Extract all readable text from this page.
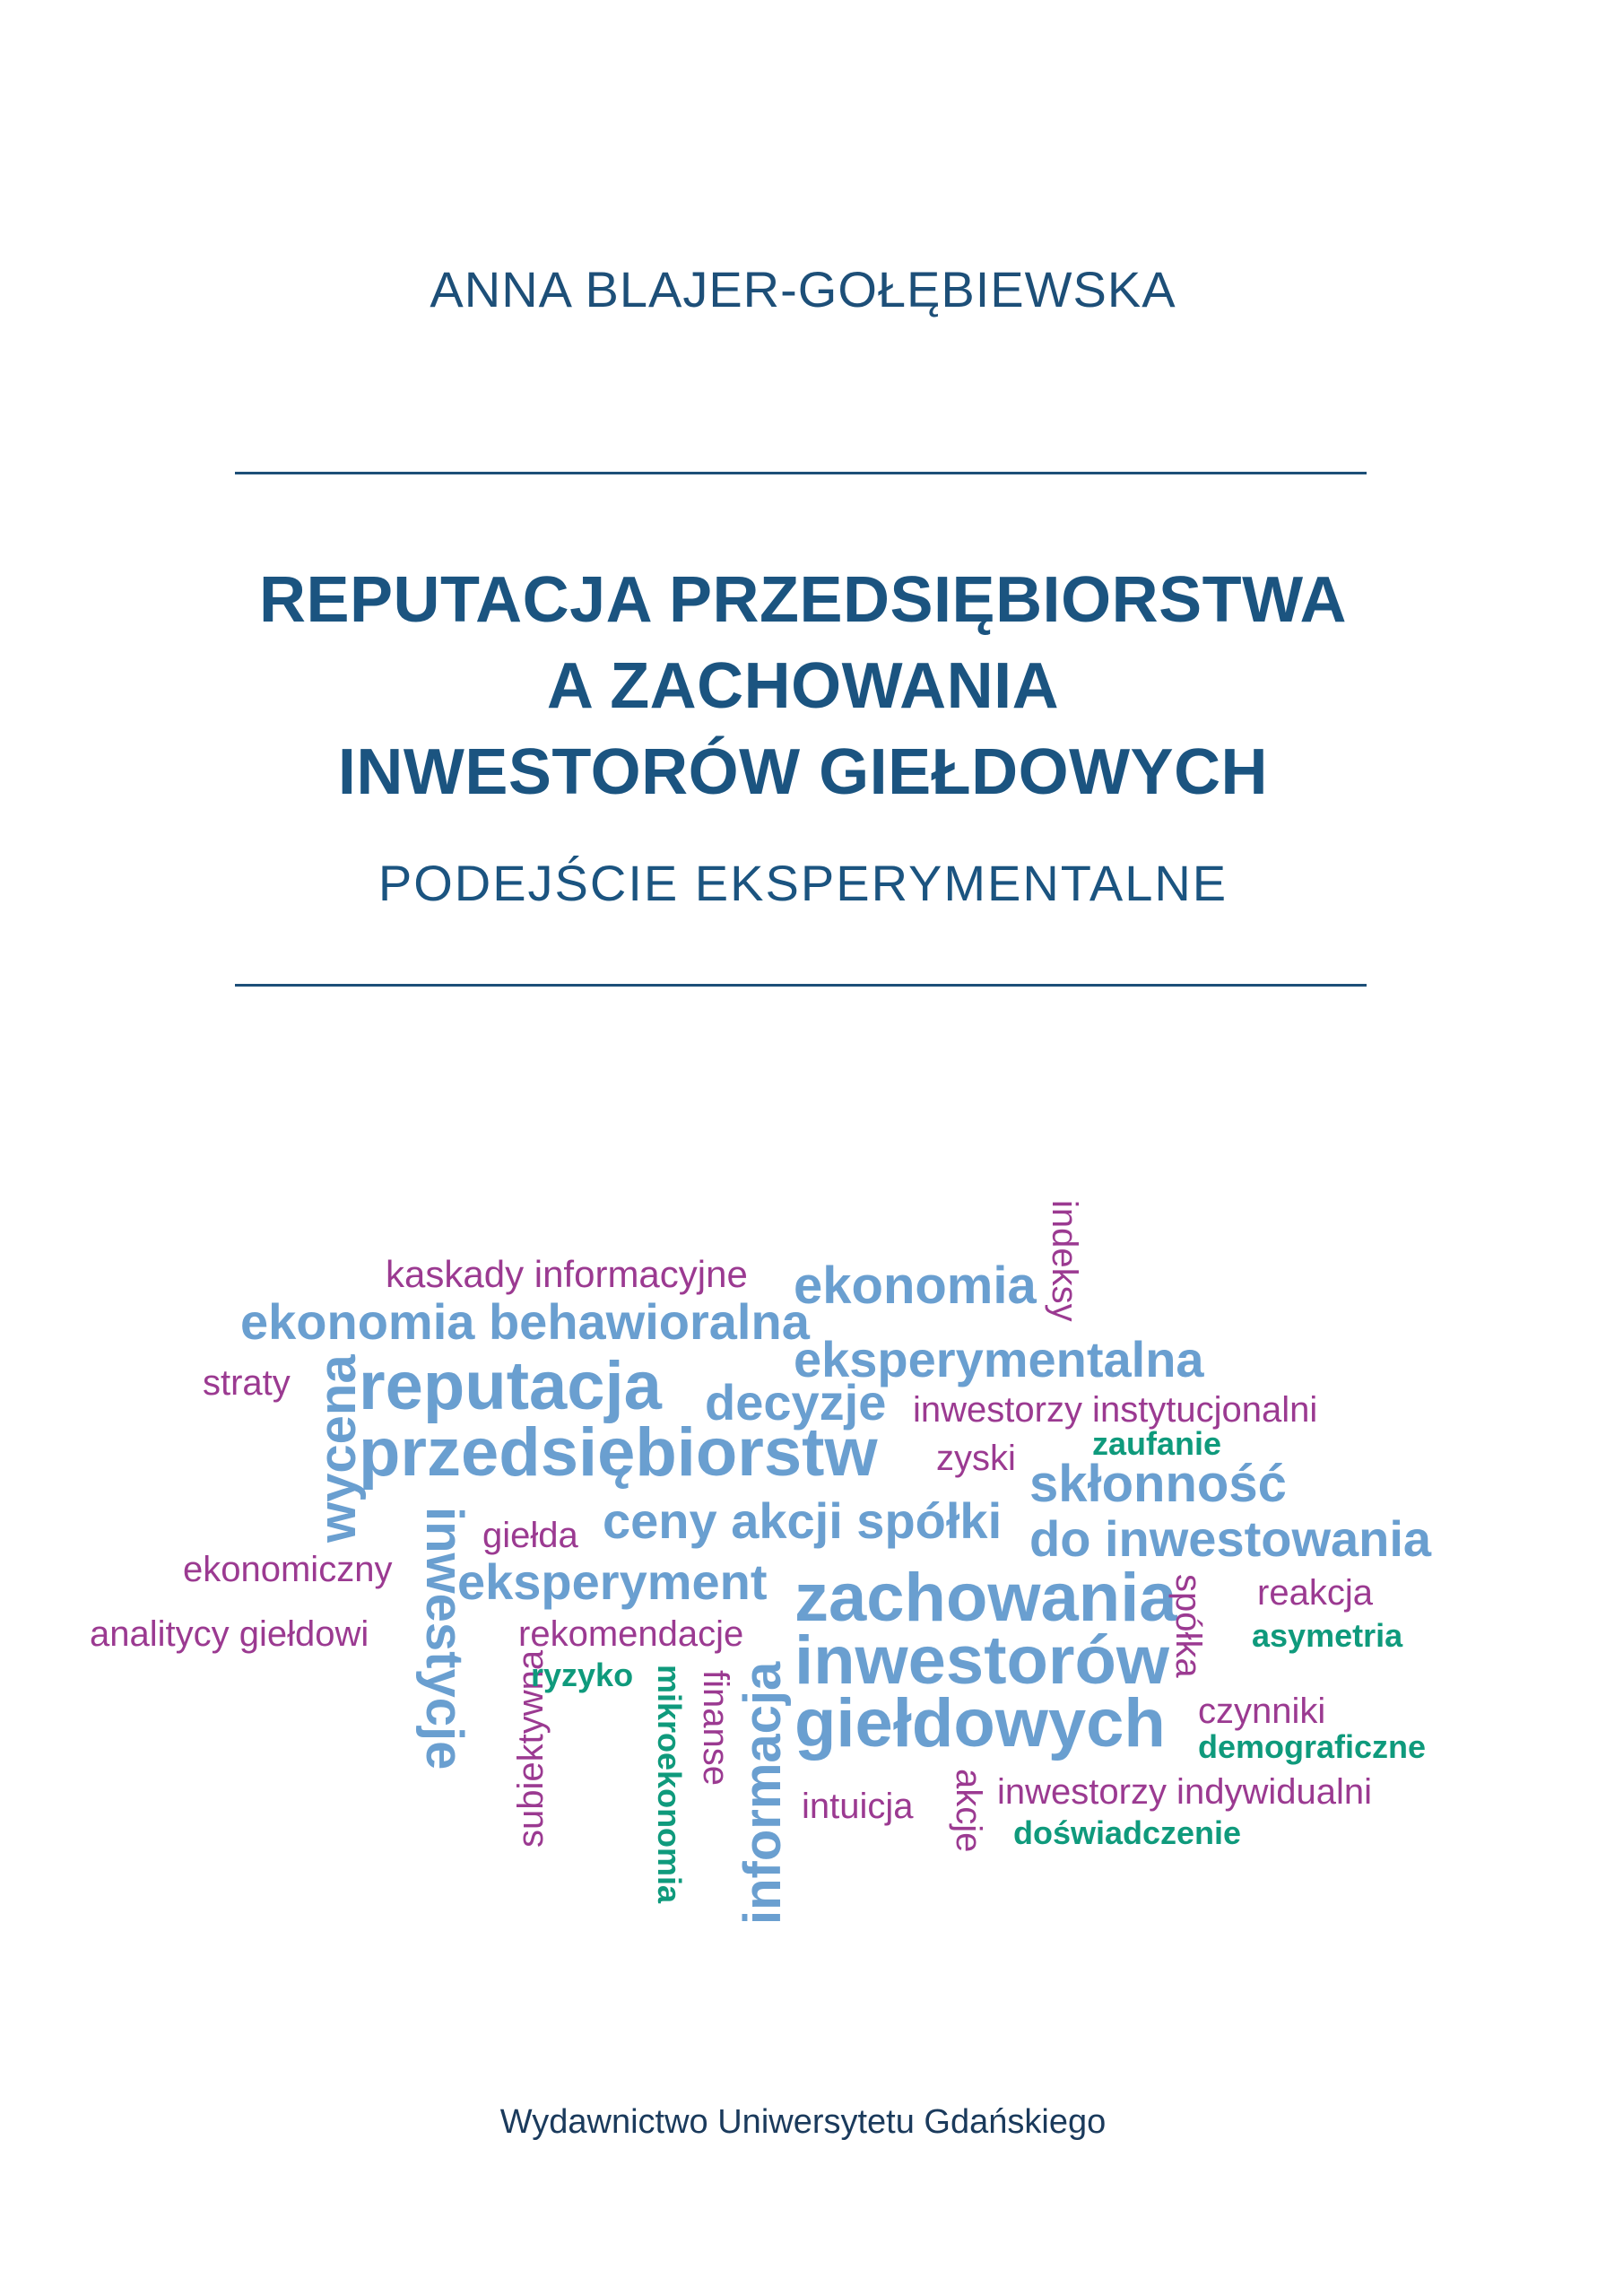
ANNA BLAJER-GOŁĘBIEWSKA
REPUTACJA PRZEDSIĘBIORSTWA
A ZACHOWANIA
INWESTORÓW GIEŁDOWYCH
PODEJŚCIE EKSPERYMENTALNE
kaskady informacyjne ekonomia indeksy
ekonomia behawioralna
eksperymentalna
straty wycena
reputacja decyzje inwestorzy instytucjonalni
przedsiębiorstw zyski zaufanie
skłonność
ceny akcji spółki
giełda	do inwestowania
inwestycje
ekonomiczny eksperyment zachowania
spółka reakcja
analitycy giełdowi
subiektywna
rekomendacje inwestorów	asymetria
ryzyko mikroekonomia finanse
informacja giełdowych czynniki
demograficzne
intuicja akcje inwestorzy indywidualni
doświadczenie
Wydawnictwo Uniwersytetu Gdańskiego
